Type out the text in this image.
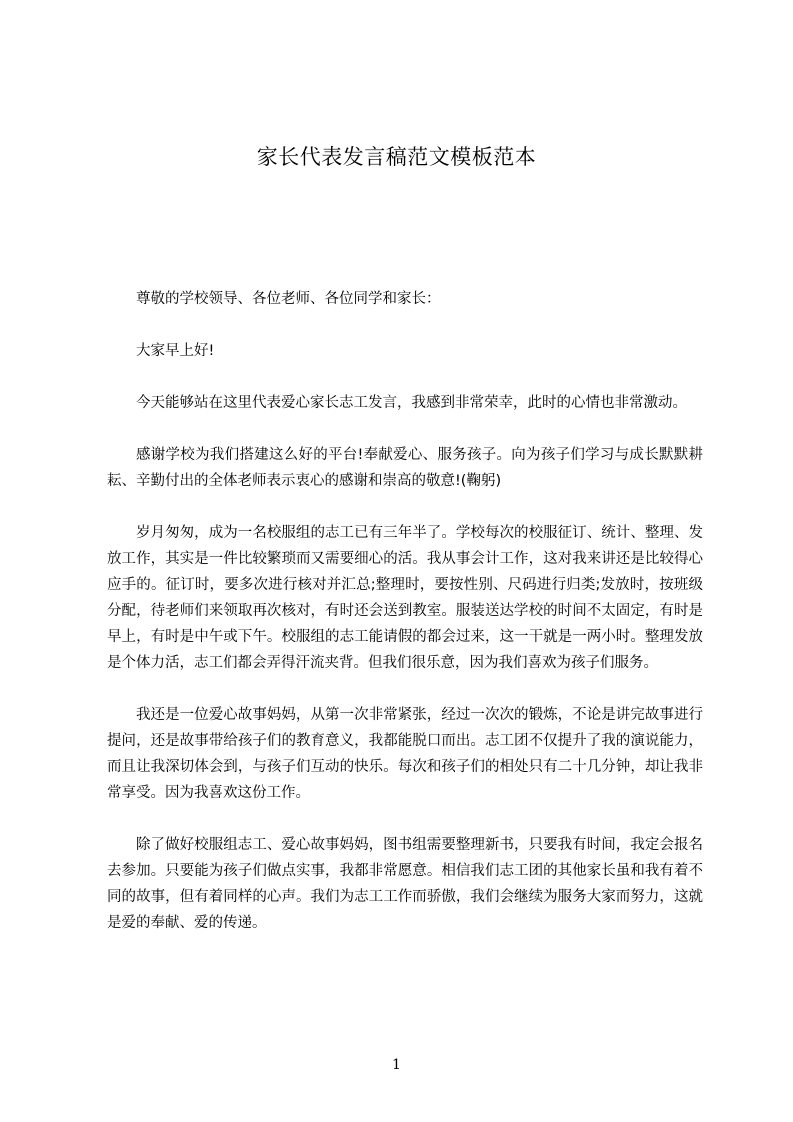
家长代表发言稿范文模板范本

尊敬的学校领导、各位老师、各位同学和家长：

大家早上好!

今天能够站在这里代表爱心家长志工发言，我感到非常荣幸，此时的心情也非常激动。

感谢学校为我们搭建这么好的平台!奉献爱心、服务孩子。向为孩子们学习与成长默默耕耘、辛勤付出的全体老师表示衷心的感谢和崇高的敬意!(鞠躬)

岁月匆匆，成为一名校服组的志工已有三年半了。学校每次的校服征订、统计、整理、发放工作，其实是一件比较繁琐而又需要细心的活。我从事会计工作，这对我来讲还是比较得心应手的。征订时，要多次进行核对并汇总;整理时，要按性别、尺码进行归类;发放时，按班级分配，待老师们来领取再次核对，有时还会送到教室。服装送达学校的时间不太固定，有时是早上，有时是中午或下午。校服组的志工能请假的都会过来，这一干就是一两小时。整理发放是个体力活，志工们都会弄得汗流夹背。但我们很乐意，因为我们喜欢为孩子们服务。

我还是一位爱心故事妈妈，从第一次非常紧张，经过一次次的锻炼，不论是讲完故事进行提问，还是故事带给孩子们的教育意义，我都能脱口而出。志工团不仅提升了我的演说能力，而且让我深切体会到，与孩子们互动的快乐。每次和孩子们的相处只有二十几分钟，却让我非常享受。因为我喜欢这份工作。

除了做好校服组志工、爱心故事妈妈，图书组需要整理新书，只要我有时间，我定会报名去参加。只要能为孩子们做点实事，我都非常愿意。相信我们志工团的其他家长虽和我有着不同的故事，但有着同样的心声。我们为志工工作而骄傲，我们会继续为服务大家而努力，这就是爱的奉献、爱的传递。

1
